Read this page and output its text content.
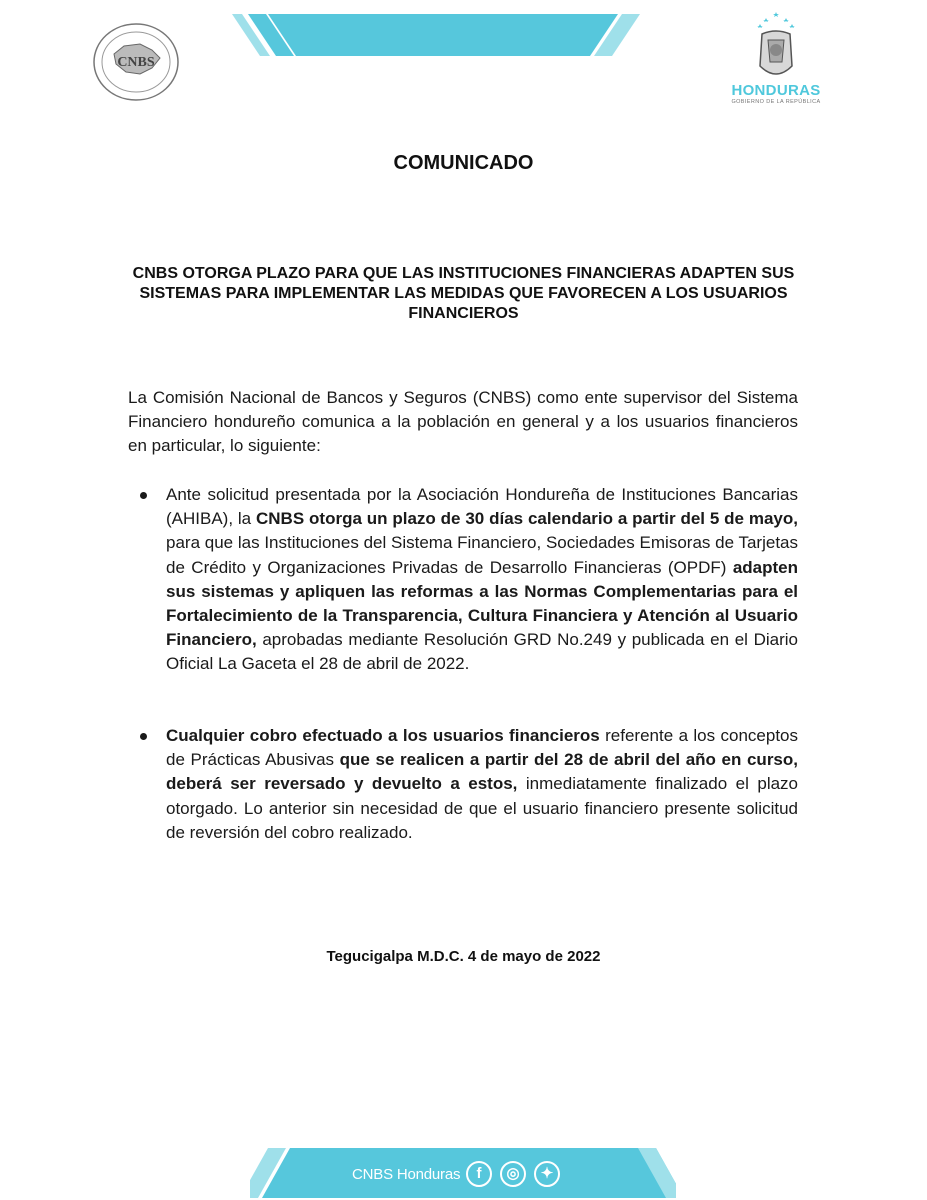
CNBS
HONDURAS
GOBIERNO DE LA REPÚBLICA
COMUNICADO
CNBS OTORGA PLAZO PARA QUE LAS INSTITUCIONES FINANCIERAS ADAPTEN SUS SISTEMAS PARA IMPLEMENTAR LAS MEDIDAS QUE FAVORECEN A LOS USUARIOS FINANCIEROS
La Comisión Nacional de Bancos y Seguros (CNBS) como ente supervisor del Sistema Financiero hondureño comunica a la población en general y a los usuarios financieros en particular, lo siguiente:
Ante solicitud presentada por la Asociación Hondureña de Instituciones Bancarias (AHIBA), la CNBS otorga un plazo de 30 días calendario a partir del 5 de mayo, para que las Instituciones del Sistema Financiero, Sociedades Emisoras de Tarjetas de Crédito y Organizaciones Privadas de Desarrollo Financieras (OPDF) adapten sus sistemas y apliquen las reformas a las Normas Complementarias para el Fortalecimiento de la Transparencia, Cultura Financiera y Atención al Usuario Financiero, aprobadas mediante Resolución GRD No.249 y publicada en el Diario Oficial La Gaceta el 28 de abril de 2022.
Cualquier cobro efectuado a los usuarios financieros referente a los conceptos de Prácticas Abusivas que se realicen a partir del 28 de abril del año en curso, deberá ser reversado y devuelto a estos, inmediatamente finalizado el plazo otorgado. Lo anterior sin necesidad de que el usuario financiero presente solicitud de reversión del cobro realizado.
Tegucigalpa M.D.C. 4 de mayo de 2022
CNBS Honduras	f	◎	✦
